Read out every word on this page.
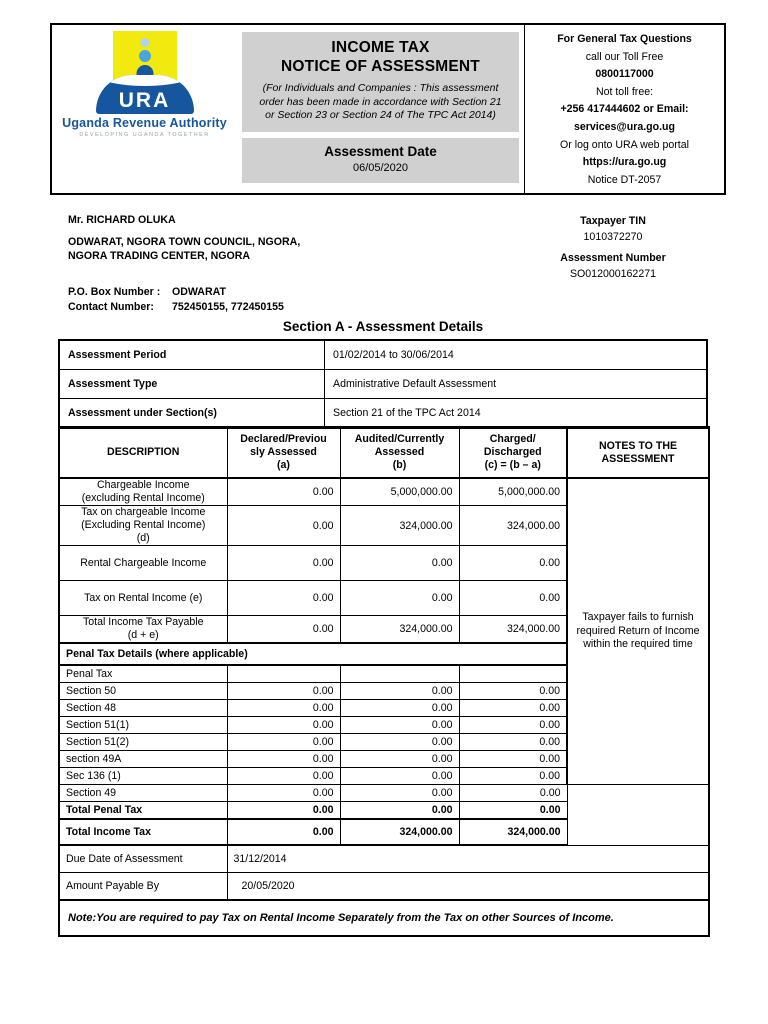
URA
Uganda Revenue Authority
DEVELOPING UGANDA TOGETHER
INCOME TAX
NOTICE OF ASSESSMENT
(For Individuals and Companies : This assessment order has been made in accordance with Section 21 or Section 23 or Section 24 of The TPC Act 2014)
Assessment Date
06/05/2020
For General Tax Questions
call our Toll Free
0800117000
Not toll free:
+256 417444602 or Email:
services@ura.go.ug
Or log onto URA web portal
https://ura.go.ug
Notice DT-2057
Mr. RICHARD OLUKA
ODWARAT, NGORA TOWN COUNCIL, NGORA,
NGORA TRADING CENTER, NGORA
P.O. Box Number :	ODWARAT
Contact Number:	752450155, 772450155
Taxpayer TIN
1010372270
Assessment Number
SO012000162271
Section A - Assessment Details
Assessment Period	01/02/2014 to 30/06/2014
Assessment Type	Administrative Default Assessment
Assessment under Section(s)	Section 21 of the TPC Act 2014
DESCRIPTION	
Declared/Previou
sly Assessed
(a)

Audited/Currently
Assessed
(b)

Charged/
Discharged
(c) = (b – a)

NOTES TO THE
ASSESSMENT

Chargeable Income
(excluding Rental Income)	0.00	5,000,000.00	5,000,000.00	Taxpayer fails to furnish required Return of Income within the required time

Tax on chargeable Income
(Excluding Rental Income)
(d)	0.00	324,000.00	324,000.00	
Rental Chargeable Income	0.00	0.00	0.00	
Tax on Rental Income (e)	0.00	0.00	0.00	

Total Income Tax Payable
(d + e)	0.00	324,000.00	324,000.00	
Penal Tax Details (where applicable)				
Penal Tax				
Section 50	0.00	0.00	0.00	
Section 48	0.00	0.00	0.00	
Section 51(1)	0.00	0.00	0.00	
Section 51(2)	0.00	0.00	0.00	
section 49A	0.00	0.00	0.00	
Sec 136 (1)	0.00	0.00	0.00	
Section 49	0.00	0.00	0.00	
Total Penal Tax	0.00	0.00	0.00	
Total Income Tax	0.00	324,000.00	324,000.00	
Due Date of Assessment	31/12/2014			
Amount Payable By	20/05/2020			
Note:You are required to pay Tax on Rental Income Separately from the Tax on other Sources of Income.				
